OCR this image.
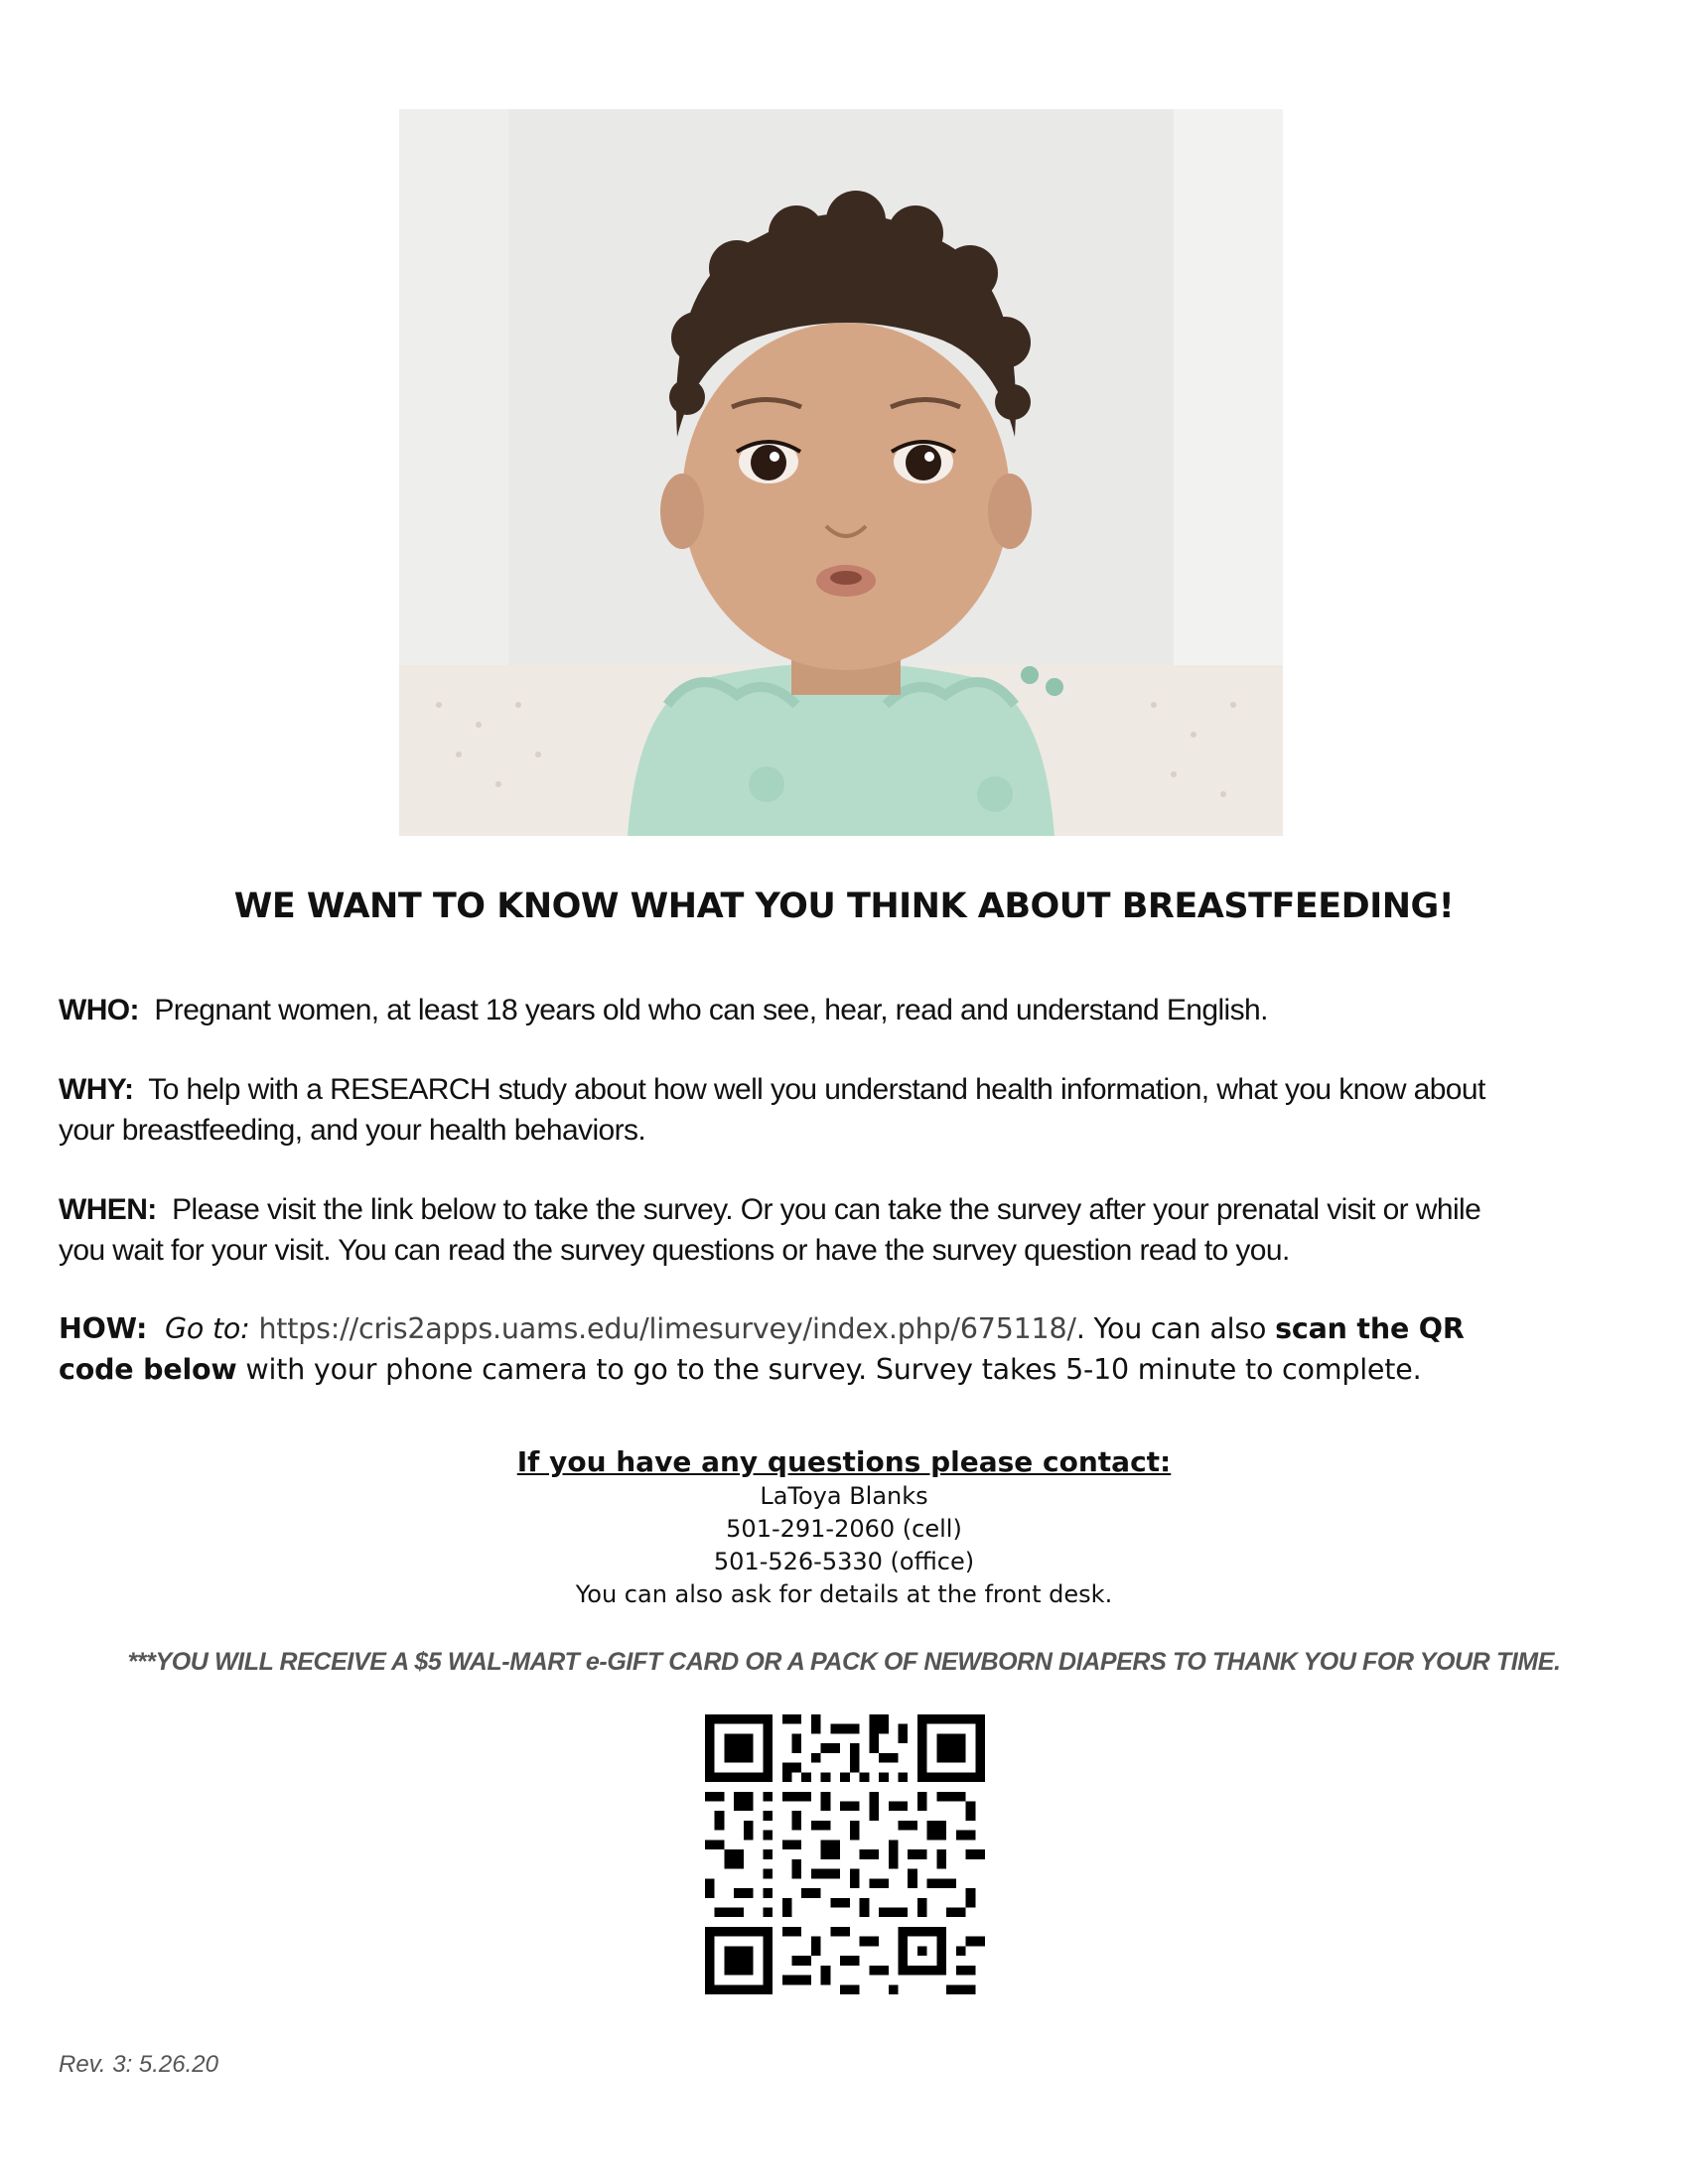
WE WANT TO KNOW WHAT YOU THINK ABOUT BREASTFEEDING!
WHO: Pregnant women, at least 18 years old who can see, hear, read and understand English.
WHY: To help with a RESEARCH study about how well you understand health information, what you know about
your breastfeeding, and your health behaviors.
WHEN: Please visit the link below to take the survey. Or you can take the survey after your prenatal visit or while
you wait for your visit. You can read the survey questions or have the survey question read to you.
HOW: Go to: https://cris2apps.uams.edu/limesurvey/index.php/675118/. You can also scan the QR
code below with your phone camera to go to the survey. Survey takes 5-10 minute to complete.
If you have any questions please contact:
LaToya Blanks
501-291-2060 (cell)
501-526-5330 (office)
You can also ask for details at the front desk.
***YOU WILL RECEIVE A $5 WAL-MART e-GIFT CARD OR A PACK OF NEWBORN DIAPERS TO THANK YOU FOR YOUR TIME.
Rev. 3: 5.26.20
